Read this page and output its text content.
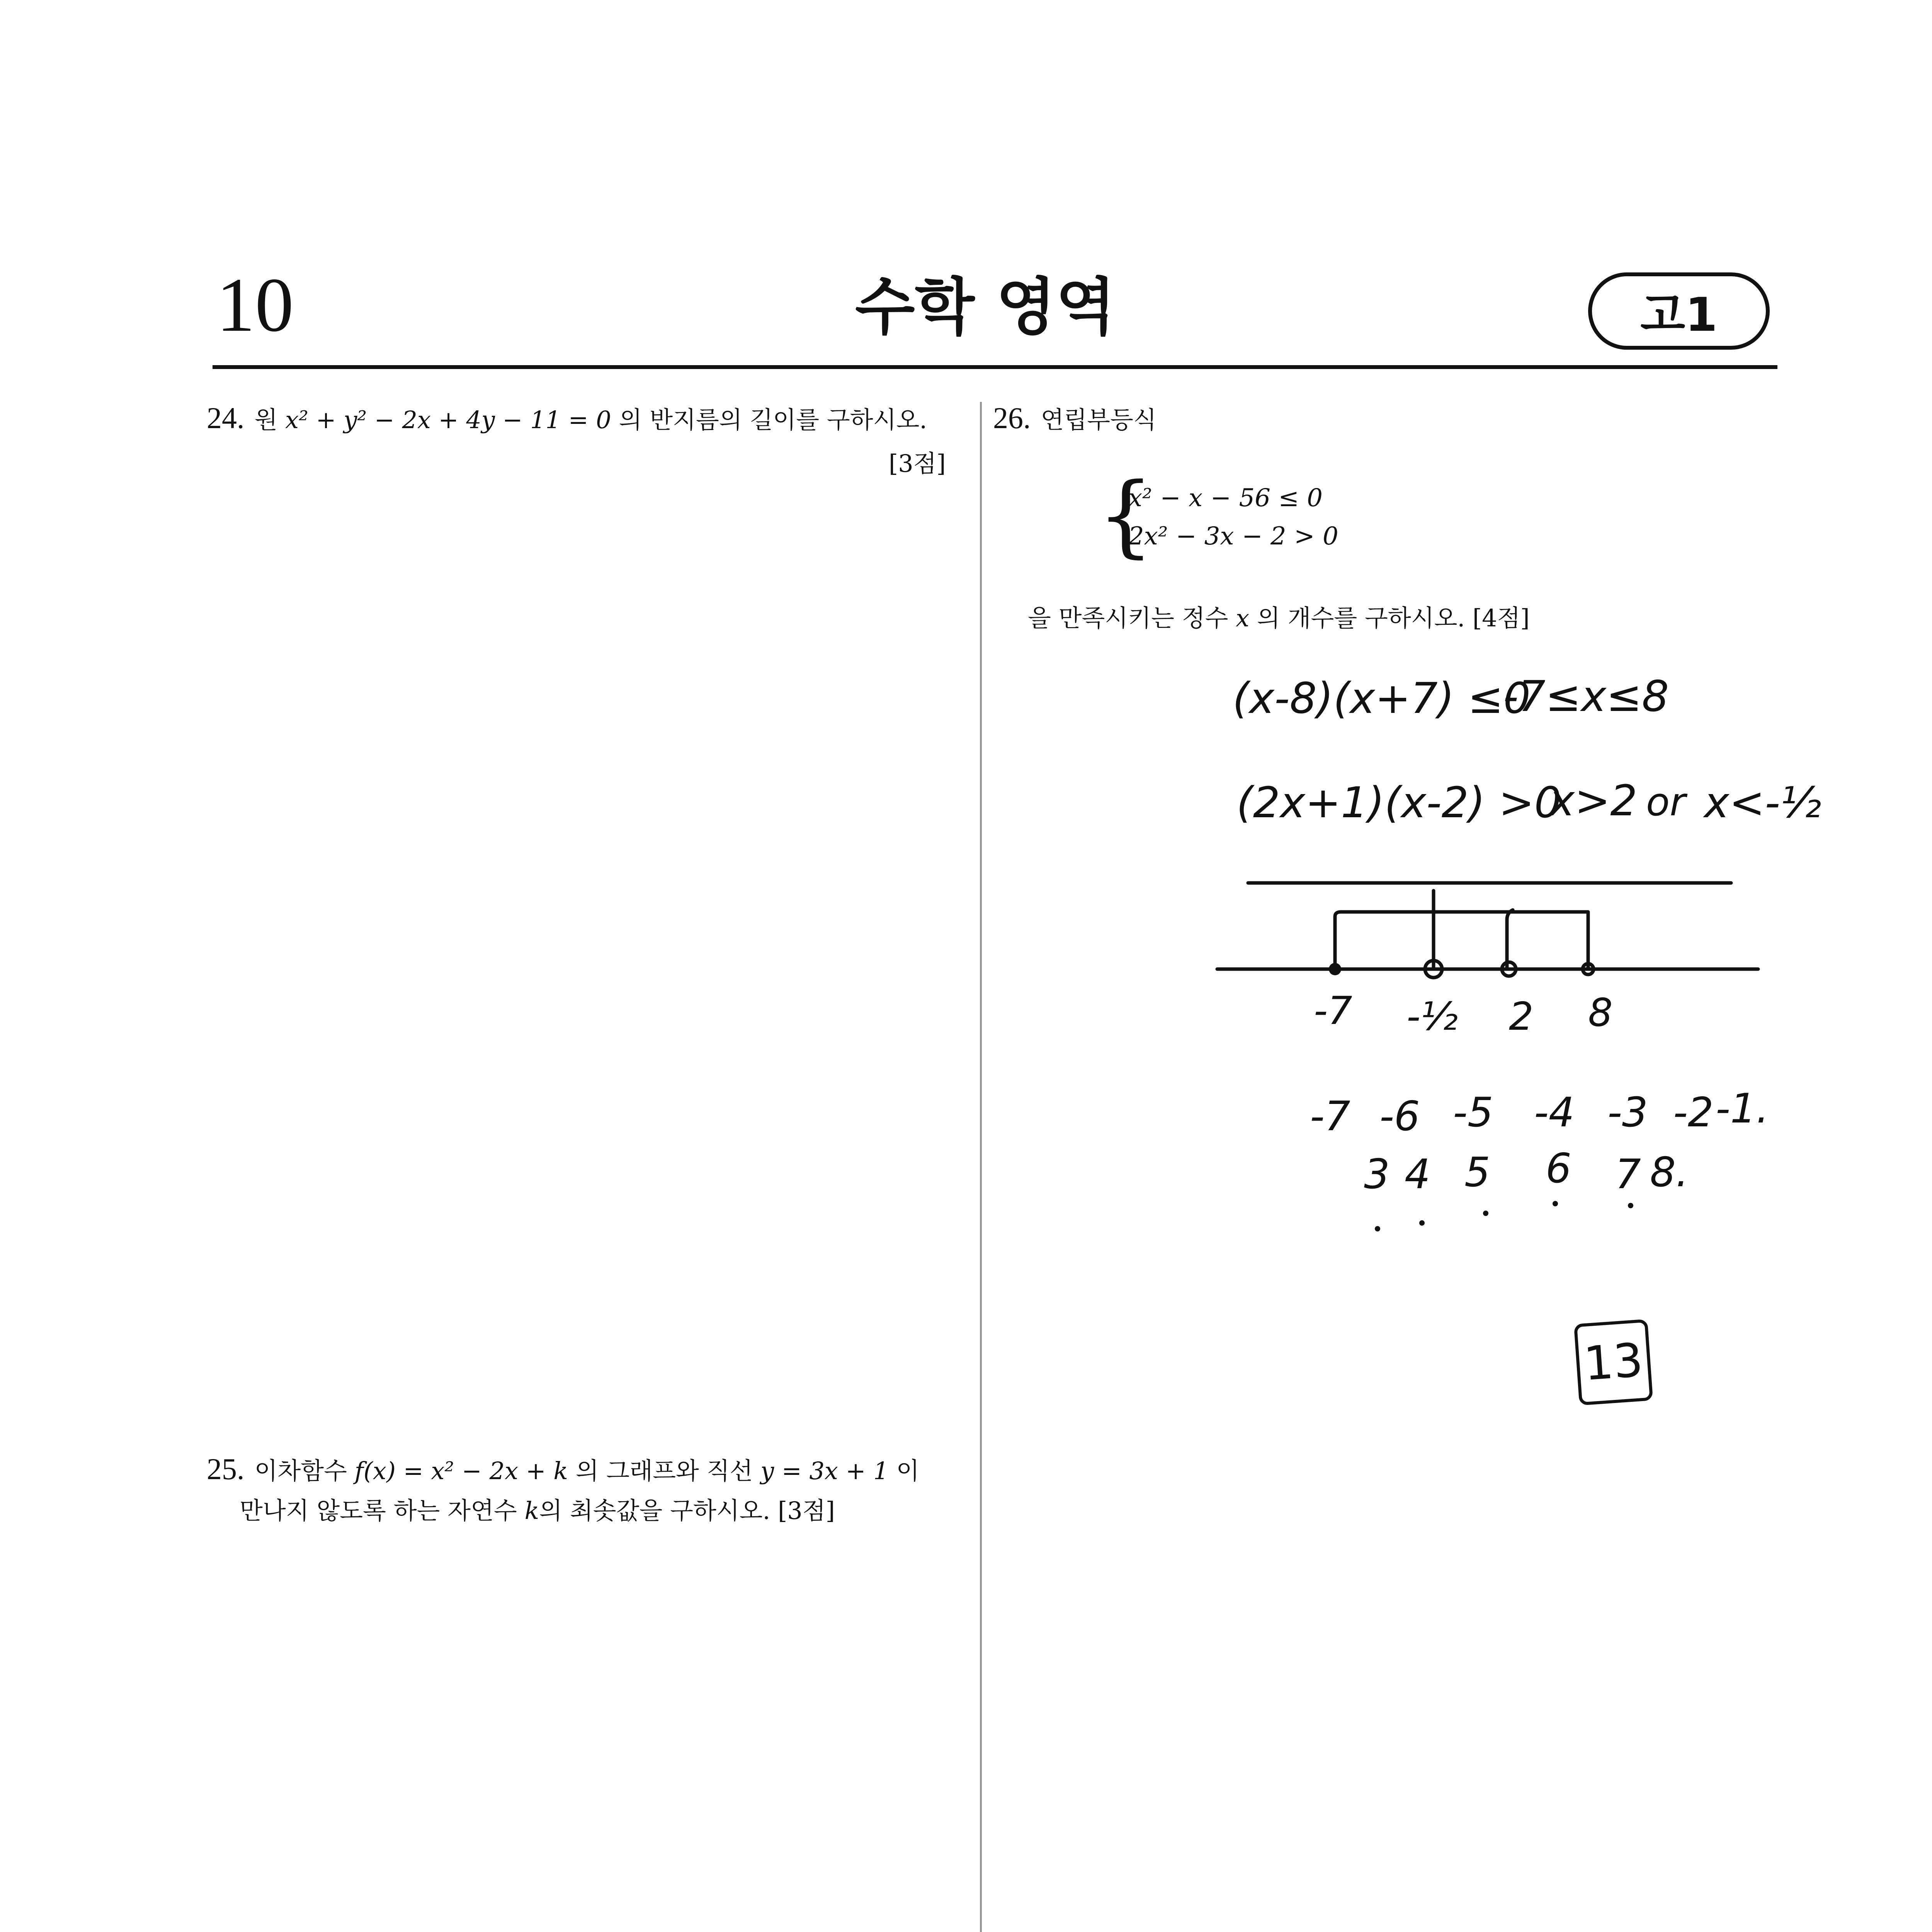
10	수학 영역	고1
24. 원 x² + y² − 2x + 4y − 11 = 0 의 반지름의 길이를 구하시오.
[3점]
25. 이차함수 f(x) = x² − 2x + k 의 그래프와 직선 y = 3x + 1 이
만나지 않도록 하는 자연수 k의 최솟값을 구하시오. [3점]
26. 연립부등식
{
x² − x − 56 ≤ 0
2x² − 3x − 2 > 0
을 만족시키는 정수 x 의 개수를 구하시오. [4점]
(x-8)(x+7) ≤0
-7≤x≤8
(2x+1)(x-2) >0
x>2 or x<-½
-7 -½ 2 8
-7 -6 -5 -4 -3 -2 -1.
3 4 5 6 7 8.
13
